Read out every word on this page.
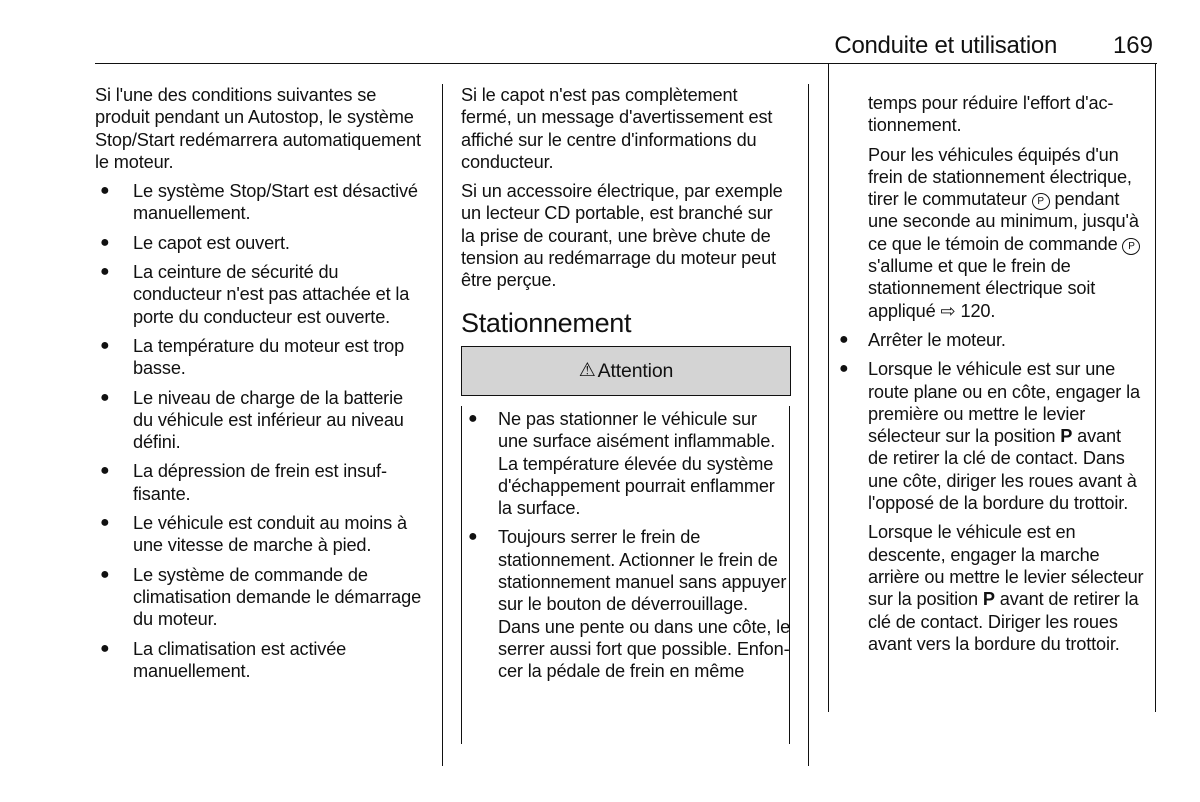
Conduite et utilisation 169

Si l'une des conditions suivantes se produit pendant un Autostop, le système Stop/Start redémarrera automatiquement le moteur.

● Le système Stop/Start est désactivé manuellement.
● Le capot est ouvert.
● La ceinture de sécurité du conducteur n'est pas attachée et la porte du conducteur est ouverte.
● La température du moteur est trop basse.
● Le niveau de charge de la batterie du véhicule est inférieur au niveau défini.
● La dépression de frein est insuffisante.
● Le véhicule est conduit au moins à une vitesse de marche à pied.
● Le système de commande de climatisation demande le démarrage du moteur.
● La climatisation est activée manuellement.

Si le capot n'est pas complètement fermé, un message d'avertissement est affiché sur le centre d'informations du conducteur.

Si un accessoire électrique, par exemple un lecteur CD portable, est branché sur la prise de courant, une brève chute de tension au redémarrage du moteur peut être perçue.

Stationnement
⚠ Attention
● Ne pas stationner le véhicule sur une surface aisément inflammable. La température élevée du système d'échappement pourrait enflammer la surface.
● Toujours serrer le frein de stationnement. Actionner le frein de stationnement manuel sans appuyer sur le bouton de déverrouillage. Dans une pente ou dans une côte, le serrer aussi fort que possible. Enfoncer la pédale de frein en même

temps pour réduire l'effort d'actionnement.

Pour les véhicules équipés d'un frein de stationnement électrique, tirer le commutateur P pendant une seconde au minimum, jusqu'à ce que le témoin de commande P s'allume et que le frein de stationnement électrique soit appliqué ⇨ 120.

● Arrêter le moteur.
● Lorsque le véhicule est sur une route plane ou en côte, engager la première ou mettre le levier sélecteur sur la position P avant de retirer la clé de contact. Dans une côte, diriger les roues avant à l'opposé de la bordure du trottoir.

Lorsque le véhicule est en descente, engager la marche arrière ou mettre le levier sélecteur sur la position P avant de retirer la clé de contact. Diriger les roues avant vers la bordure du trottoir.
